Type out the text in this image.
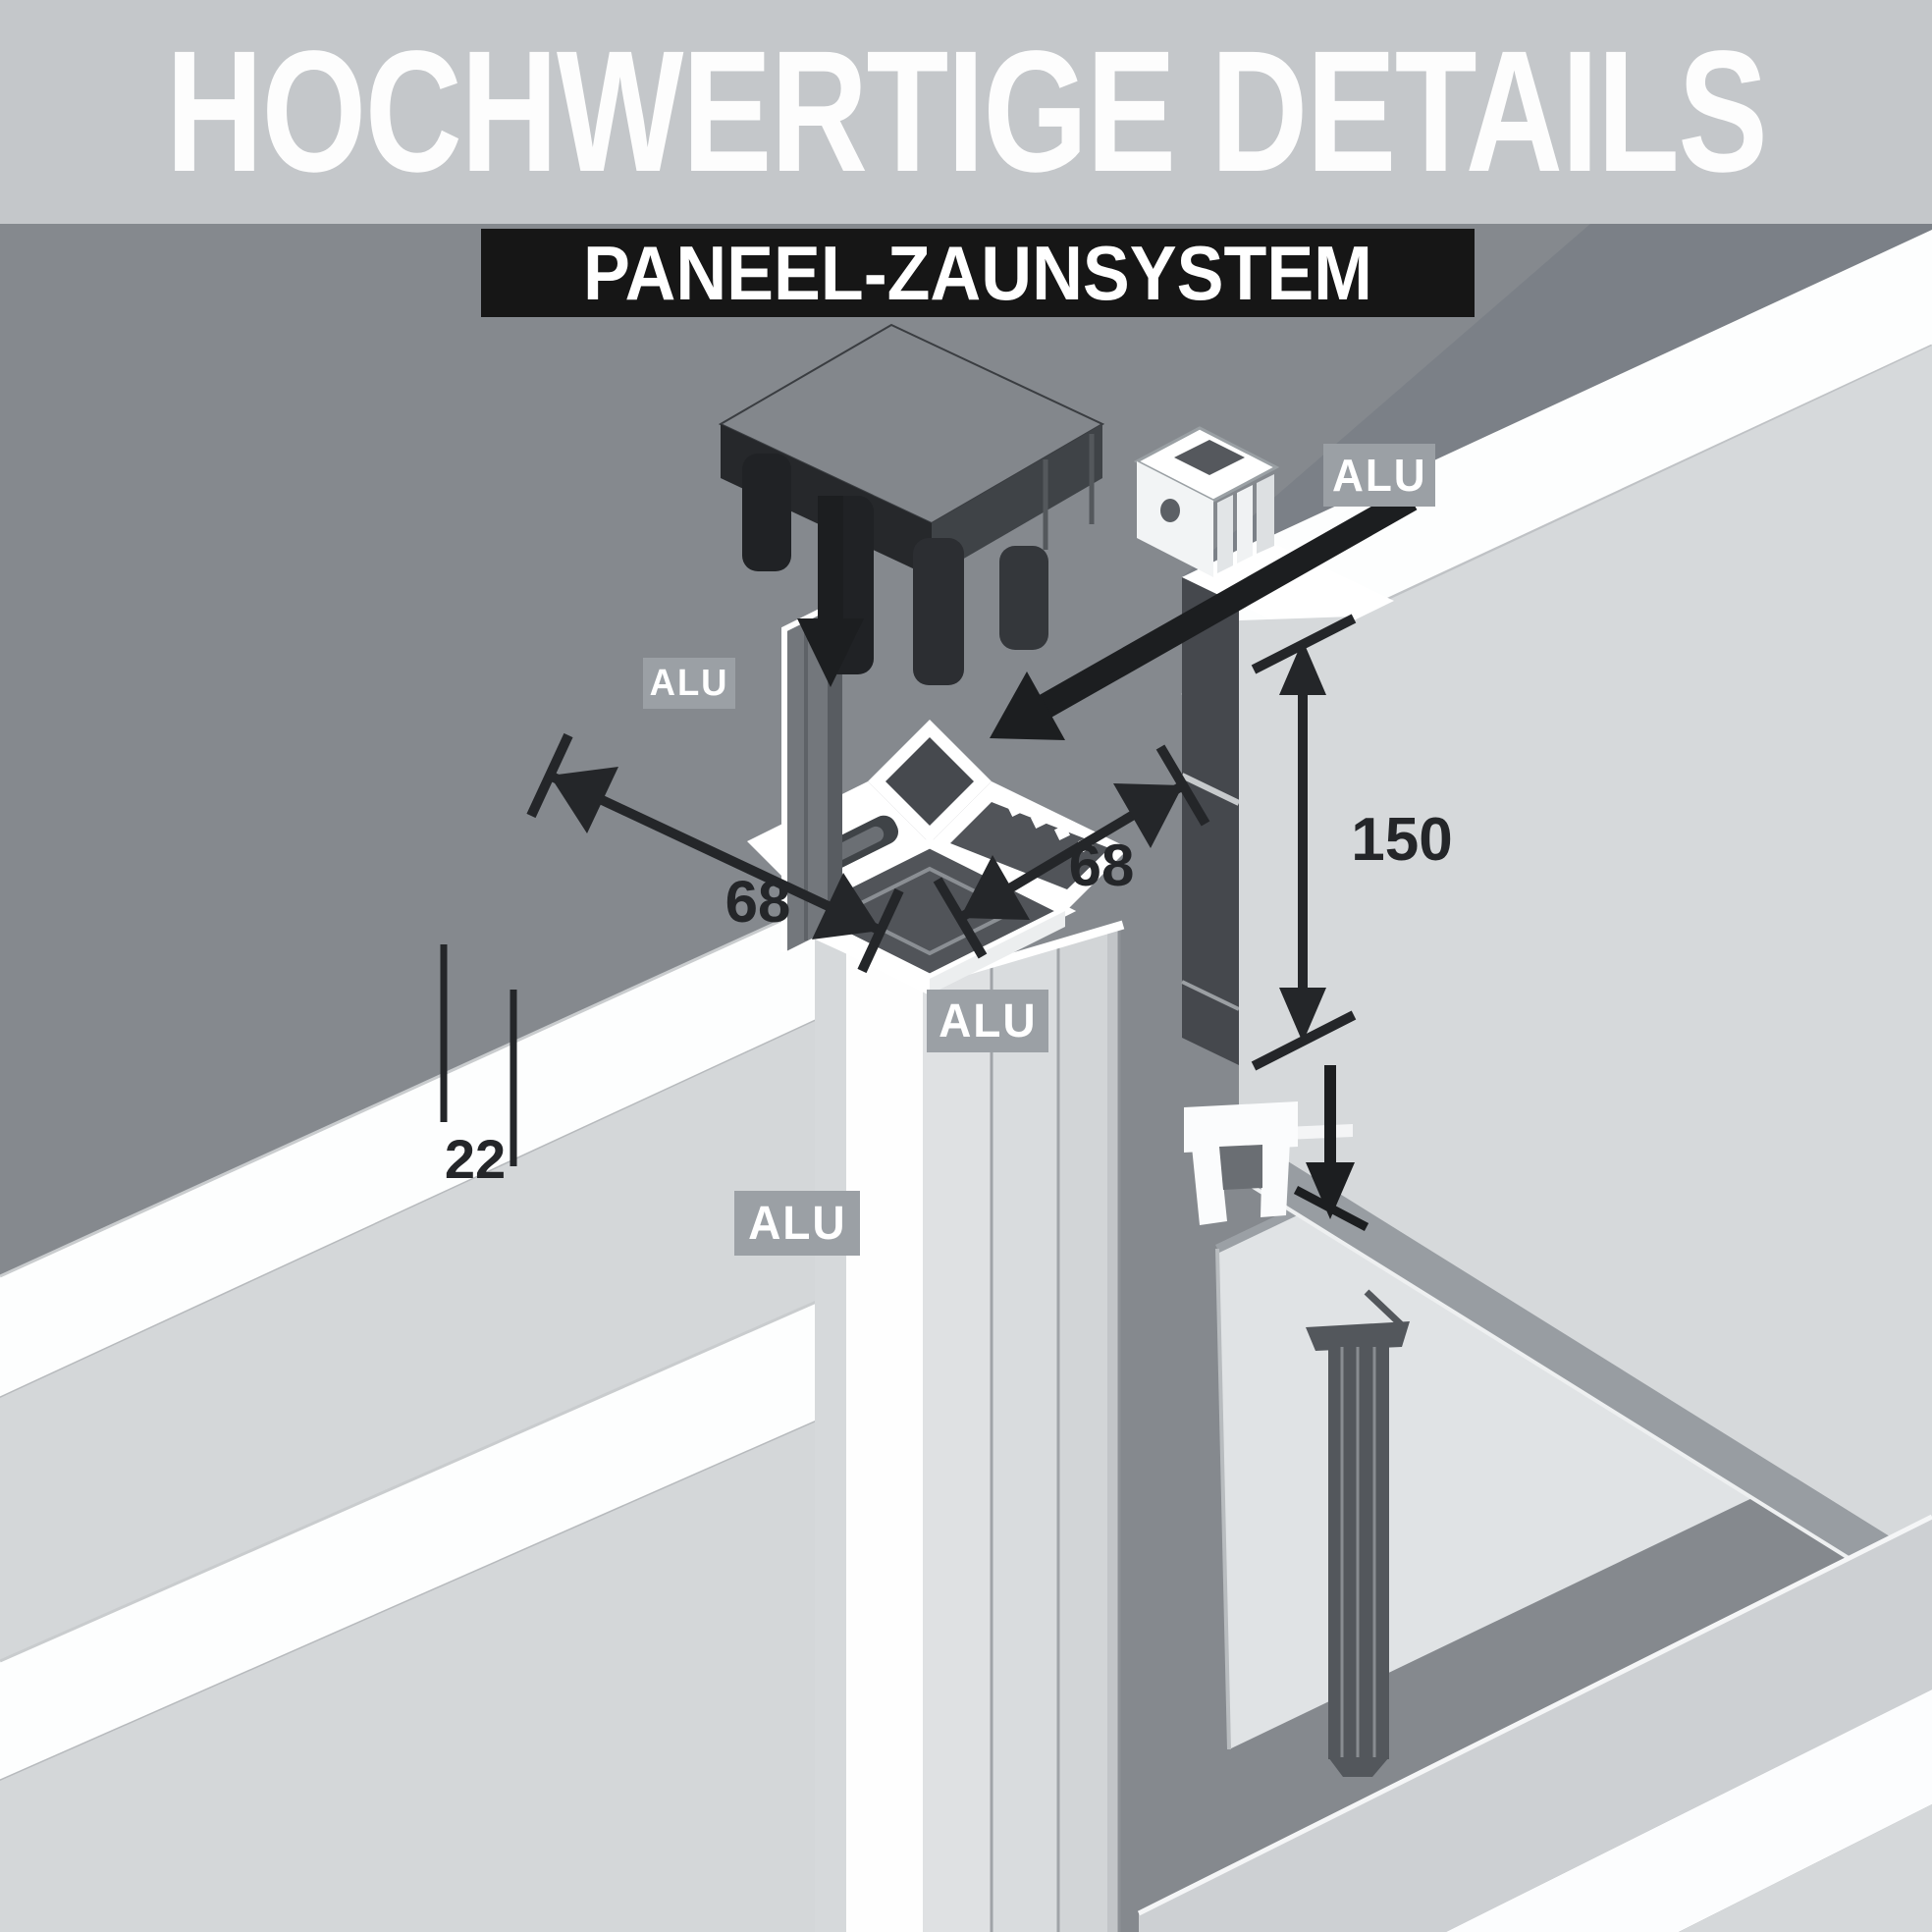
HOCHWERTIGE DETAILS
PANEEL-ZAUNSYSTEM
ALU
ALU
ALU
ALU
68
68	150
22
